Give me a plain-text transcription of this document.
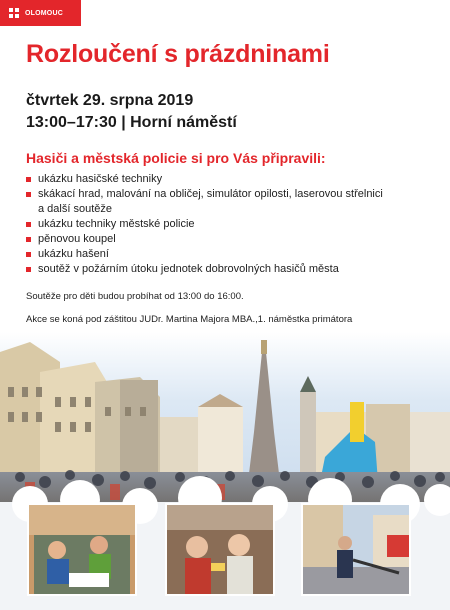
OLOMOUC
Rozloučení s prázdninami
čtvrtek 29. srpna 2019
13:00–17:30 | Horní náměstí
Hasiči a městská policie si pro Vás připravili:
ukázku hasičské techniky
skákací hrad, malování na obličej, simulátor opilosti, laserovou střelnici
a další soutěže
ukázku techniky městské policie
pěnovou koupel
ukázku hašení
soutěž v požárním útoku jednotek dobrovolných hasičů města

Soutěže pro děti budou probíhat od 13:00 do 16:00.

Akce se koná pod záštitou JUDr. Martina Majora MBA.,1. náměstka primátora
